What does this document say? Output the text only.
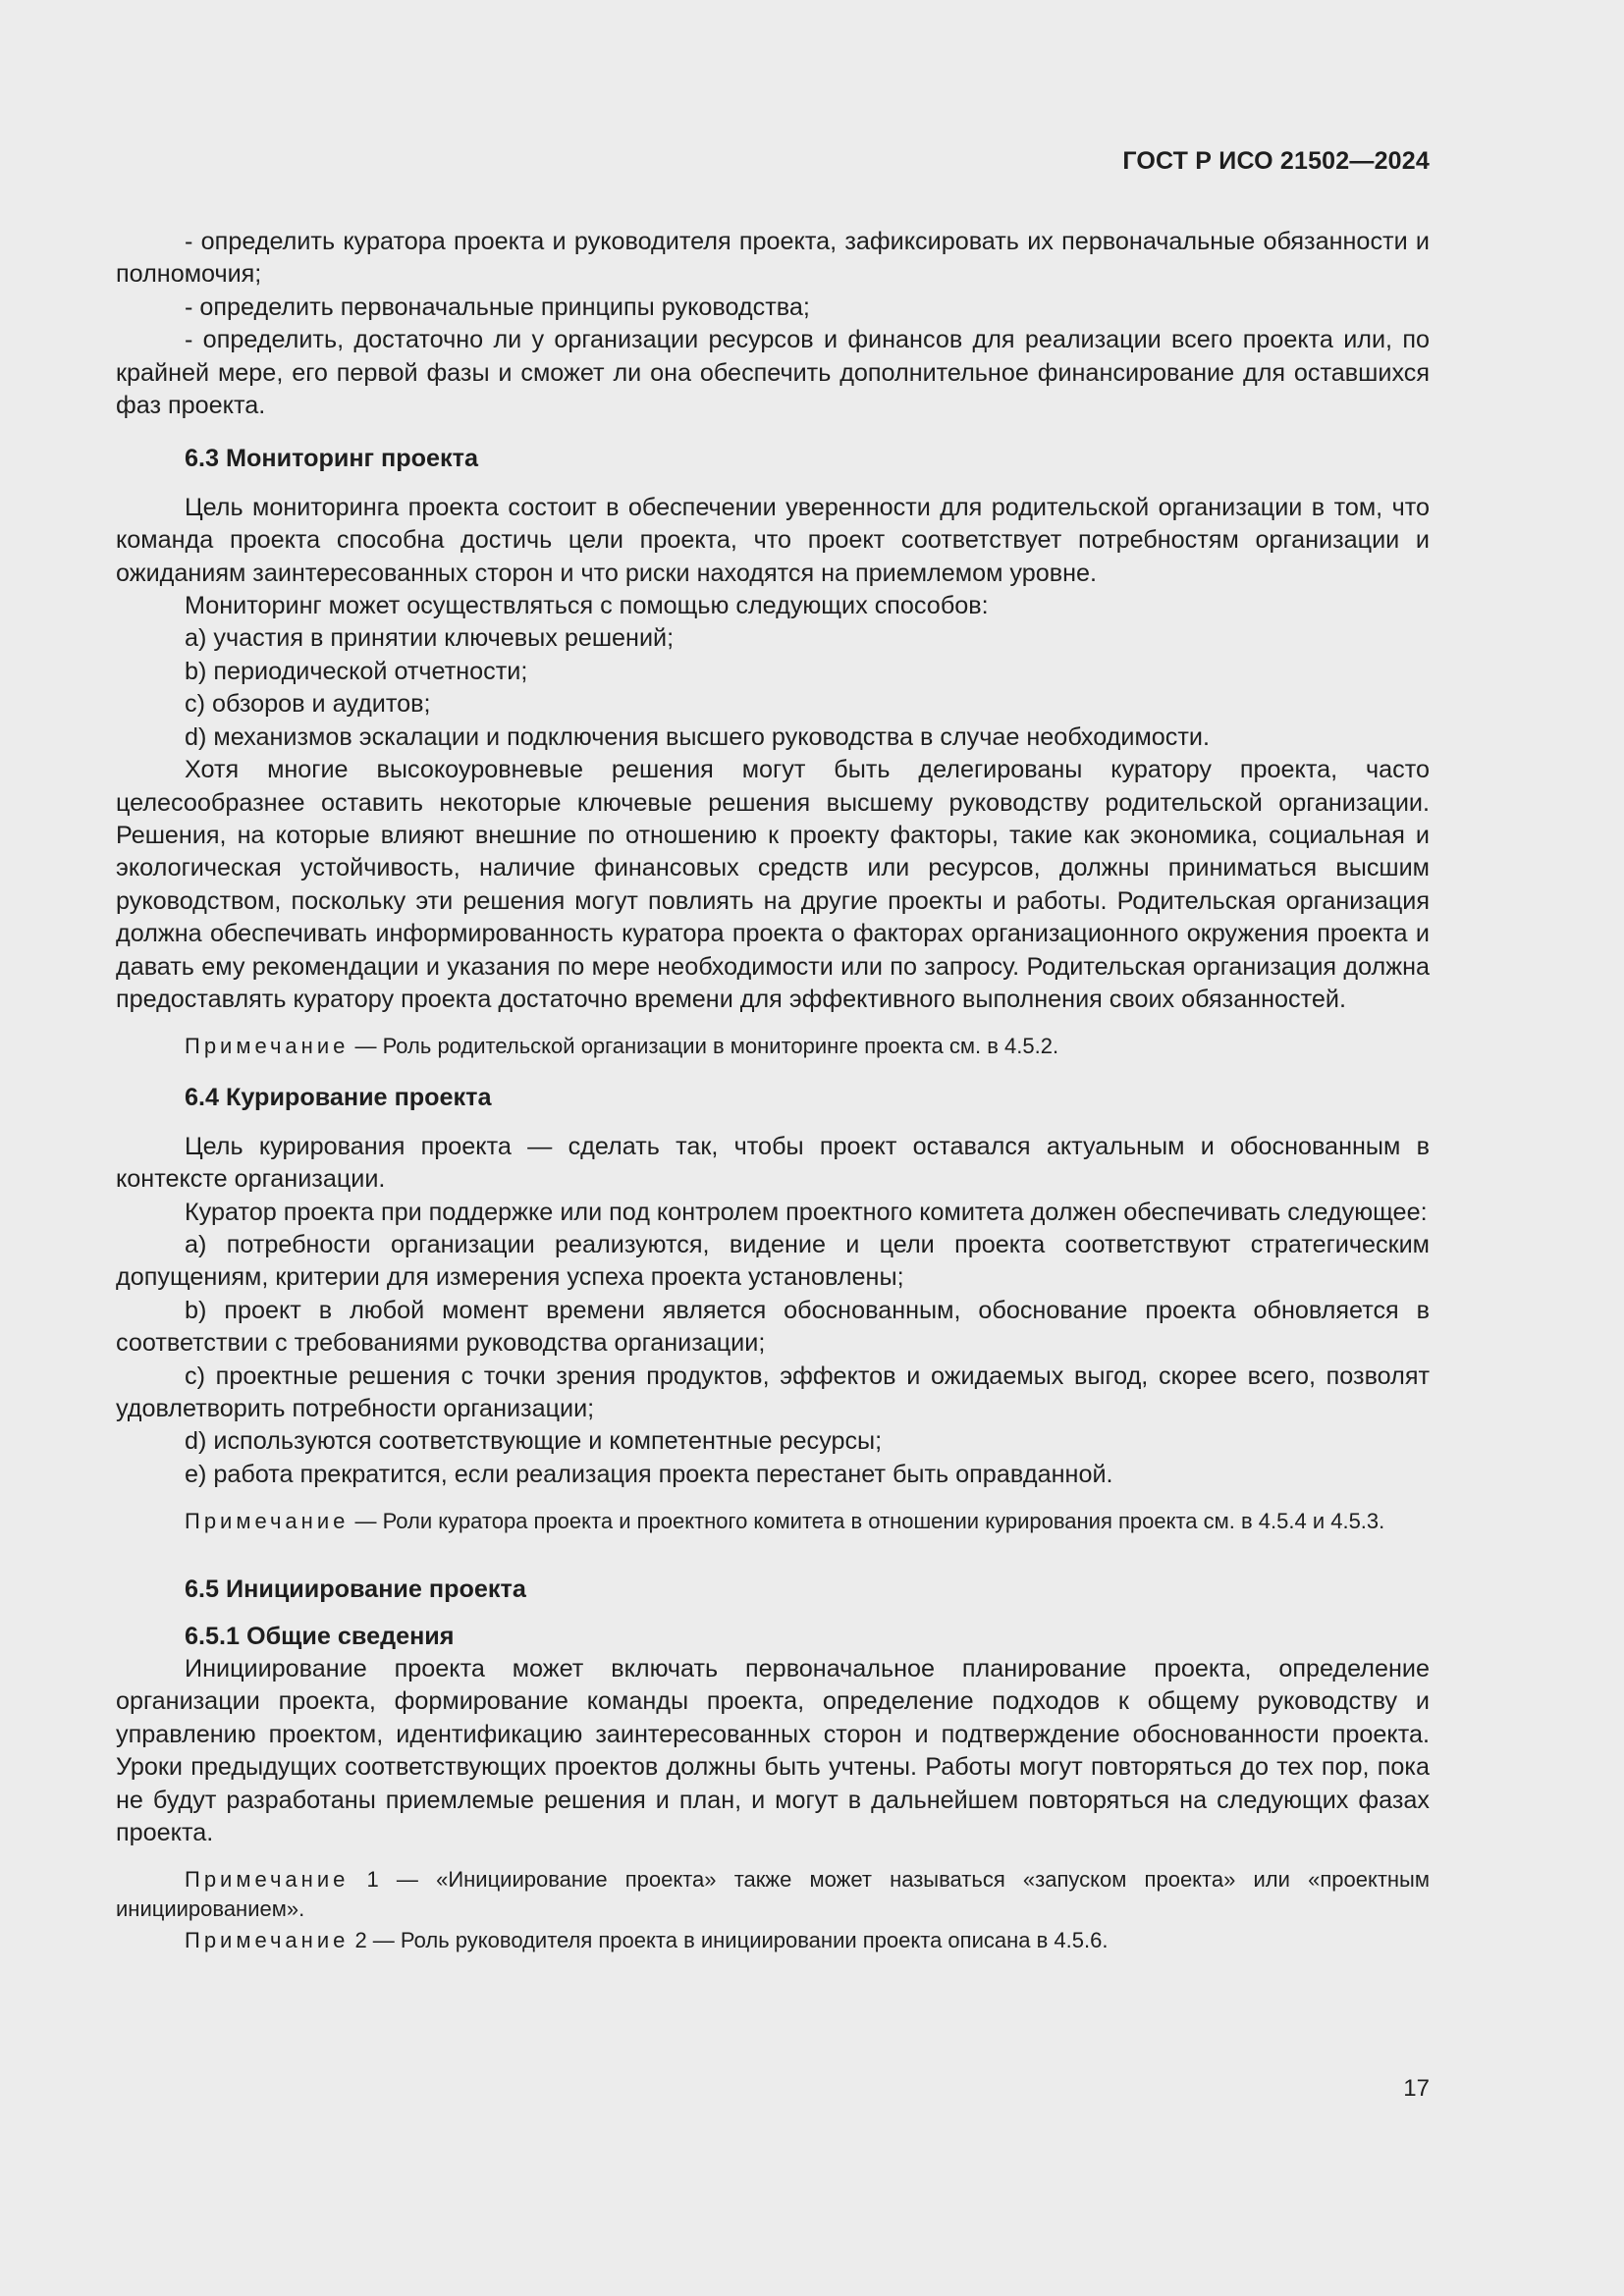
ГОСТ Р ИСО 21502—2024

- определить куратора проекта и руководителя проекта, зафиксировать их первоначальные обязанности и полномочия;

- определить первоначальные принципы руководства;

- определить, достаточно ли у организации ресурсов и финансов для реализации всего проекта или, по крайней мере, его первой фазы и сможет ли она обеспечить дополнительное финансирование для оставшихся фаз проекта.

6.3 Мониторинг проекта

Цель мониторинга проекта состоит в обеспечении уверенности для родительской организации в том, что команда проекта способна достичь цели проекта, что проект соответствует потребностям организации и ожиданиям заинтересованных сторон и что риски находятся на приемлемом уровне.

Мониторинг может осуществляться с помощью следующих способов:

a) участия в принятии ключевых решений;

b) периодической отчетности;

c) обзоров и аудитов;

d) механизмов эскалации и подключения высшего руководства в случае необходимости.

Хотя многие высокоуровневые решения могут быть делегированы куратору проекта, часто целесообразнее оставить некоторые ключевые решения высшему руководству родительской организации. Решения, на которые влияют внешние по отношению к проекту факторы, такие как экономика, социальная и экологическая устойчивость, наличие финансовых средств или ресурсов, должны приниматься высшим руководством, поскольку эти решения могут повлиять на другие проекты и работы. Родительская организация должна обеспечивать информированность куратора проекта о факторах организационного окружения проекта и давать ему рекомендации и указания по мере необходимости или по запросу. Родительская организация должна предоставлять куратору проекта достаточно времени для эффективного выполнения своих обязанностей.

Примечание — Роль родительской организации в мониторинге проекта см. в 4.5.2.
6.4 Курирование проекта

Цель курирования проекта — сделать так, чтобы проект оставался актуальным и обоснованным в контексте организации.

Куратор проекта при поддержке или под контролем проектного комитета должен обеспечивать следующее:

a) потребности организации реализуются, видение и цели проекта соответствуют стратегическим допущениям, критерии для измерения успеха проекта установлены;

b) проект в любой момент времени является обоснованным, обоснование проекта обновляется в соответствии с требованиями руководства организации;

c) проектные решения с точки зрения продуктов, эффектов и ожидаемых выгод, скорее всего, позволят удовлетворить потребности организации;

d) используются соответствующие и компетентные ресурсы;

e) работа прекратится, если реализация проекта перестанет быть оправданной.

Примечание — Роли куратора проекта и проектного комитета в отношении курирования проекта см. в 4.5.4 и 4.5.3.
6.5 Инициирование проекта
6.5.1 Общие сведения

Инициирование проекта может включать первоначальное планирование проекта, определение организации проекта, формирование команды проекта, определение подходов к общему руководству и управлению проектом, идентификацию заинтересованных сторон и подтверждение обоснованности проекта. Уроки предыдущих соответствующих проектов должны быть учтены. Работы могут повторяться до тех пор, пока не будут разработаны приемлемые решения и план, и могут в дальнейшем повторяться на следующих фазах проекта.

Примечание 1 — «Инициирование проекта» также может называться «запуском проекта» или «проектным инициированием».
Примечание 2 — Роль руководителя проекта в инициировании проекта описана в 4.5.6.
17
